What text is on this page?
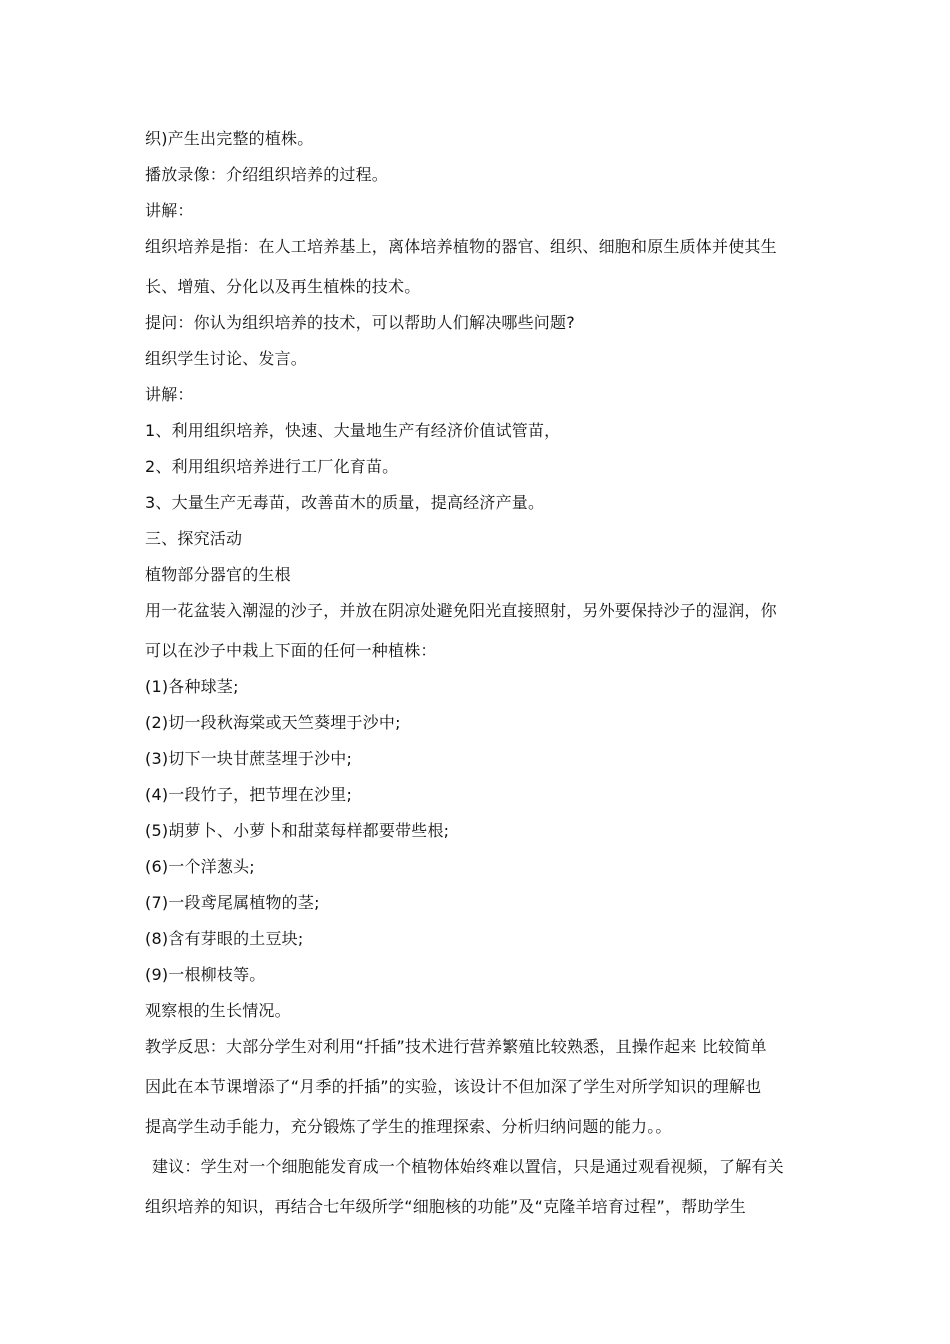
织)产生出完整的植株。
播放录像：介绍组织培养的过程。
讲解：
组织培养是指：在人工培养基上，离体培养植物的器官、组织、细胞和原生质体并使其生
长、增殖、分化以及再生植株的技术。
提问：你认为组织培养的技术，可以帮助人们解决哪些问题?
组织学生讨论、发言。
讲解：
1、利用组织培养，快速、大量地生产有经济价值试管苗，
2、利用组织培养进行工厂化育苗。
3、大量生产无毒苗，改善苗木的质量，提高经济产量。
三、探究活动
植物部分器官的生根
用一花盆装入潮湿的沙子，并放在阴凉处避免阳光直接照射，另外要保持沙子的湿润，你
可以在沙子中栽上下面的任何一种植株：
(1)各种球茎;
(2)切一段秋海棠或天竺葵埋于沙中;
(3)切下一块甘蔗茎埋于沙中;
(4)一段竹子，把节埋在沙里;
(5)胡萝卜、小萝卜和甜菜每样都要带些根;
(6)一个洋葱头;
(7)一段鸢尾属植物的茎;
(8)含有芽眼的土豆块;
(9)一根柳枝等。
观察根的生长情况。
教学反思：大部分学生对利用“扦插”技术进行营养繁殖比较熟悉，且操作起来 比较简单
因此在本节课增添了“月季的扦插”的实验，该设计不但加深了学生对所学知识的理解也
提高学生动手能力，充分锻炼了学生的推理探索、分析归纳问题的能力。。
建议：学生对一个细胞能发育成一个植物体始终难以置信，只是通过观看视频，了解有关
组织培养的知识，再结合七年级所学“细胞核的功能”及“克隆羊培育过程”，帮助学生
